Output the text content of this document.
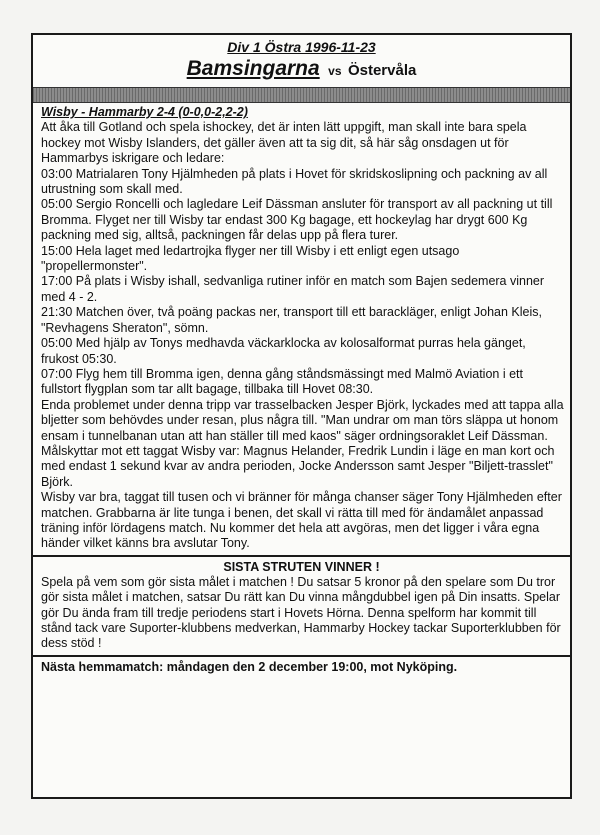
Div 1 Östra 1996-11-23
Bamsingarna vs Östervåla
Wisby - Hammarby 2-4 (0-0,0-2,2-2)

Att åka till Gotland och spela ishockey, det är inten lätt uppgift, man skall inte bara spela hockey mot Wisby Islanders, det gäller även att ta sig dit, så här såg onsdagen ut för Hammarbys iskrigare och ledare:

03:00 Matrialaren Tony Hjälmheden på plats i Hovet för skridskoslipning och packning av all utrustning som skall med.

05:00 Sergio Roncelli och lagledare Leif Dässman ansluter för transport av all packning ut till Bromma. Flyget ner till Wisby tar endast 300 Kg bagage, ett hockeylag har drygt 600 Kg packning med sig, alltså, packningen får delas upp på flera turer.

15:00 Hela laget med ledartrojka flyger ner till Wisby i ett enligt egen utsago "propellermonster".

17:00 På plats i Wisby ishall, sedvanliga rutiner inför en match som Bajen sedemera vinner med 4 - 2.

21:30 Matchen över, två poäng packas ner, transport till ett barackläger, enligt Johan Kleis, "Revhagens Sheraton", sömn.

05:00 Med hjälp av Tonys medhavda väckarklocka av kolosalformat purras hela gänget, frukost 05:30.

07:00 Flyg hem till Bromma igen, denna gång ståndsmässingt med Malmö Aviation i ett fullstort flygplan som tar allt bagage, tillbaka till Hovet 08:30.

Enda problemet under denna tripp var trasselbacken Jesper Björk, lyckades med att tappa alla bljetter som behövdes under resan, plus några till. "Man undrar om man törs släppa ut honom ensam i tunnelbanan utan att han ställer till med kaos" säger ordningsoraklet Leif Dässman.

Målskyttar mot ett taggat Wisby var: Magnus Helander, Fredrik Lundin i läge en man kort och med endast 1 sekund kvar av andra perioden, Jocke Andersson samt Jesper "Biljett-trasslet" Björk.

Wisby var bra, taggat till tusen och vi bränner för många chanser säger Tony Hjälmheden efter matchen. Grabbarna är lite tunga i benen, det skall vi rätta till med för ändamålet anpassad träning inför lördagens match. Nu kommer det hela att avgöras, men det ligger i våra egna händer vilket känns bra avslutar Tony.

SISTA STRUTEN VINNER !
Spela på vem som gör sista målet i matchen ! Du satsar 5 kronor på den spelare som Du tror gör sista målet i matchen, satsar Du rätt kan Du vinna mångdubbel igen på Din insatts. Spelar gör Du ända fram till tredje periodens start i Hovets Hörna. Denna spelform har kommit till stånd tack vare Suporter-klubbens medverkan, Hammarby Hockey tackar Suporterklubben för dess stöd !
Nästa hemmamatch: måndagen den 2 december 19:00, mot Nyköping.
